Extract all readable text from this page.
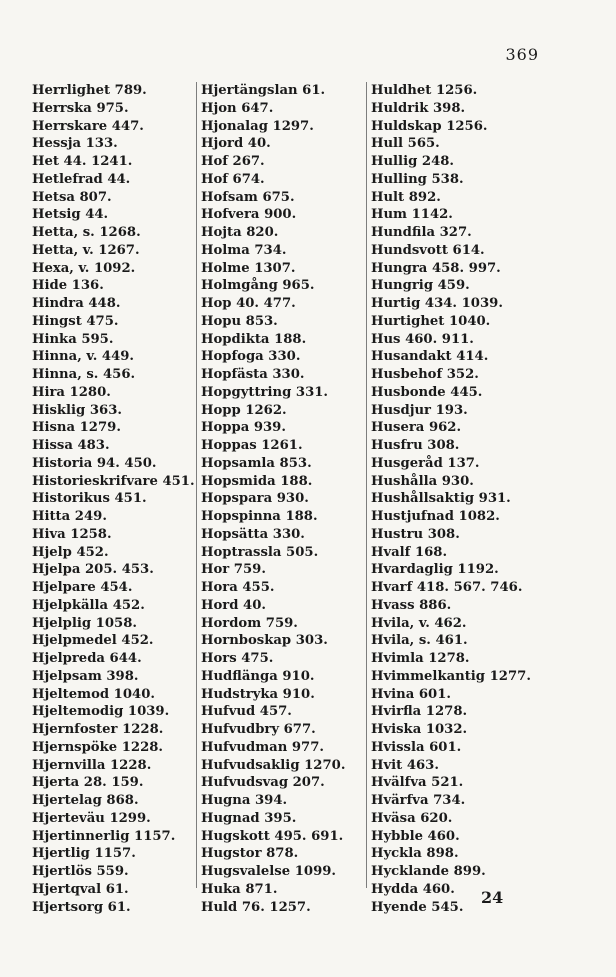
369
Herrlighet 789.
Herrska 975.
Herrskare 447.
Hessja 133.
Het 44. 1241.
Hetlefrad 44.
Hetsa 807.
Hetsig 44.
Hetta, s. 1268.
Hetta, v. 1267.
Hexa, v. 1092.
Hide 136.
Hindra 448.
Hingst 475.
Hinka 595.
Hinna, v. 449.
Hinna, s. 456.
Hira 1280.
Hisklig 363.
Hisna 1279.
Hissa 483.
Historia 94. 450.
Historieskrifvare 451.
Historikus 451.
Hitta 249.
Hiva 1258.
Hjelp 452.
Hjelpa 205. 453.
Hjelpare 454.
Hjelpkälla 452.
Hjelplig 1058.
Hjelpmedel 452.
Hjelpreda 644.
Hjelpsam 398.
Hjeltemod 1040.
Hjeltemodig 1039.
Hjernfoster 1228.
Hjernspöke 1228.
Hjernvilla 1228.
Hjerta 28. 159.
Hjertelag 868.
Hjerteväu 1299.
Hjertinnerlig 1157.
Hjertlig 1157.
Hjertlös 559.
Hjertqval 61.
Hjertsorg 61.
Hjertängslan 61.
Hjon 647.
Hjonalag 1297.
Hjord 40.
Hof 267.
Hof 674.
Hofsam 675.
Hofvera 900.
Hojta 820.
Holma 734.
Holme 1307.
Holmgång 965.
Hop 40. 477.
Hopu 853.
Hopdikta 188.
Hopfoga 330.
Hopfästa 330.
Hopgyttring 331.
Hopp 1262.
Hoppa 939.
Hoppas 1261.
Hopsamla 853.
Hopsmida 188.
Hopspara 930.
Hopspinna 188.
Hopsätta 330.
Hoptrassla 505.
Hor 759.
Hora 455.
Hord 40.
Hordom 759.
Hornboskap 303.
Hors 475.
Hudflänga 910.
Hudstryka 910.
Hufvud 457.
Hufvudbry 677.
Hufvudman 977.
Hufvudsaklig 1270.
Hufvudsvag 207.
Hugna 394.
Hugnad 395.
Hugskott 495. 691.
Hugstor 878.
Hugsvalelse 1099.
Huka 871.
Huld 76. 1257.
Huldhet 1256.
Huldrik 398.
Huldskap 1256.
Hull 565.
Hullig 248.
Hulling 538.
Hult 892.
Hum 1142.
Hundfila 327.
Hundsvott 614.
Hungra 458. 997.
Hungrig 459.
Hurtig 434. 1039.
Hurtighet 1040.
Hus 460. 911.
Husandakt 414.
Husbehof 352.
Husbonde 445.
Husdjur 193.
Husera 962.
Husfru 308.
Husgeråd 137.
Hushålla 930.
Hushållsaktig 931.
Hustjufnad 1082.
Hustru 308.
Hvalf 168.
Hvardaglig 1192.
Hvarf 418. 567. 746.
Hvass 886.
Hvila, v. 462.
Hvila, s. 461.
Hvimla 1278.
Hvimmelkantig 1277.
Hvina 601.
Hvirfla 1278.
Hviska 1032.
Hvissla 601.
Hvit 463.
Hvälfva 521.
Hvärfva 734.
Hväsa 620.
Hybble 460.
Hyckla 898.
Hycklande 899.
Hydda 460.
Hyende 545.	24
